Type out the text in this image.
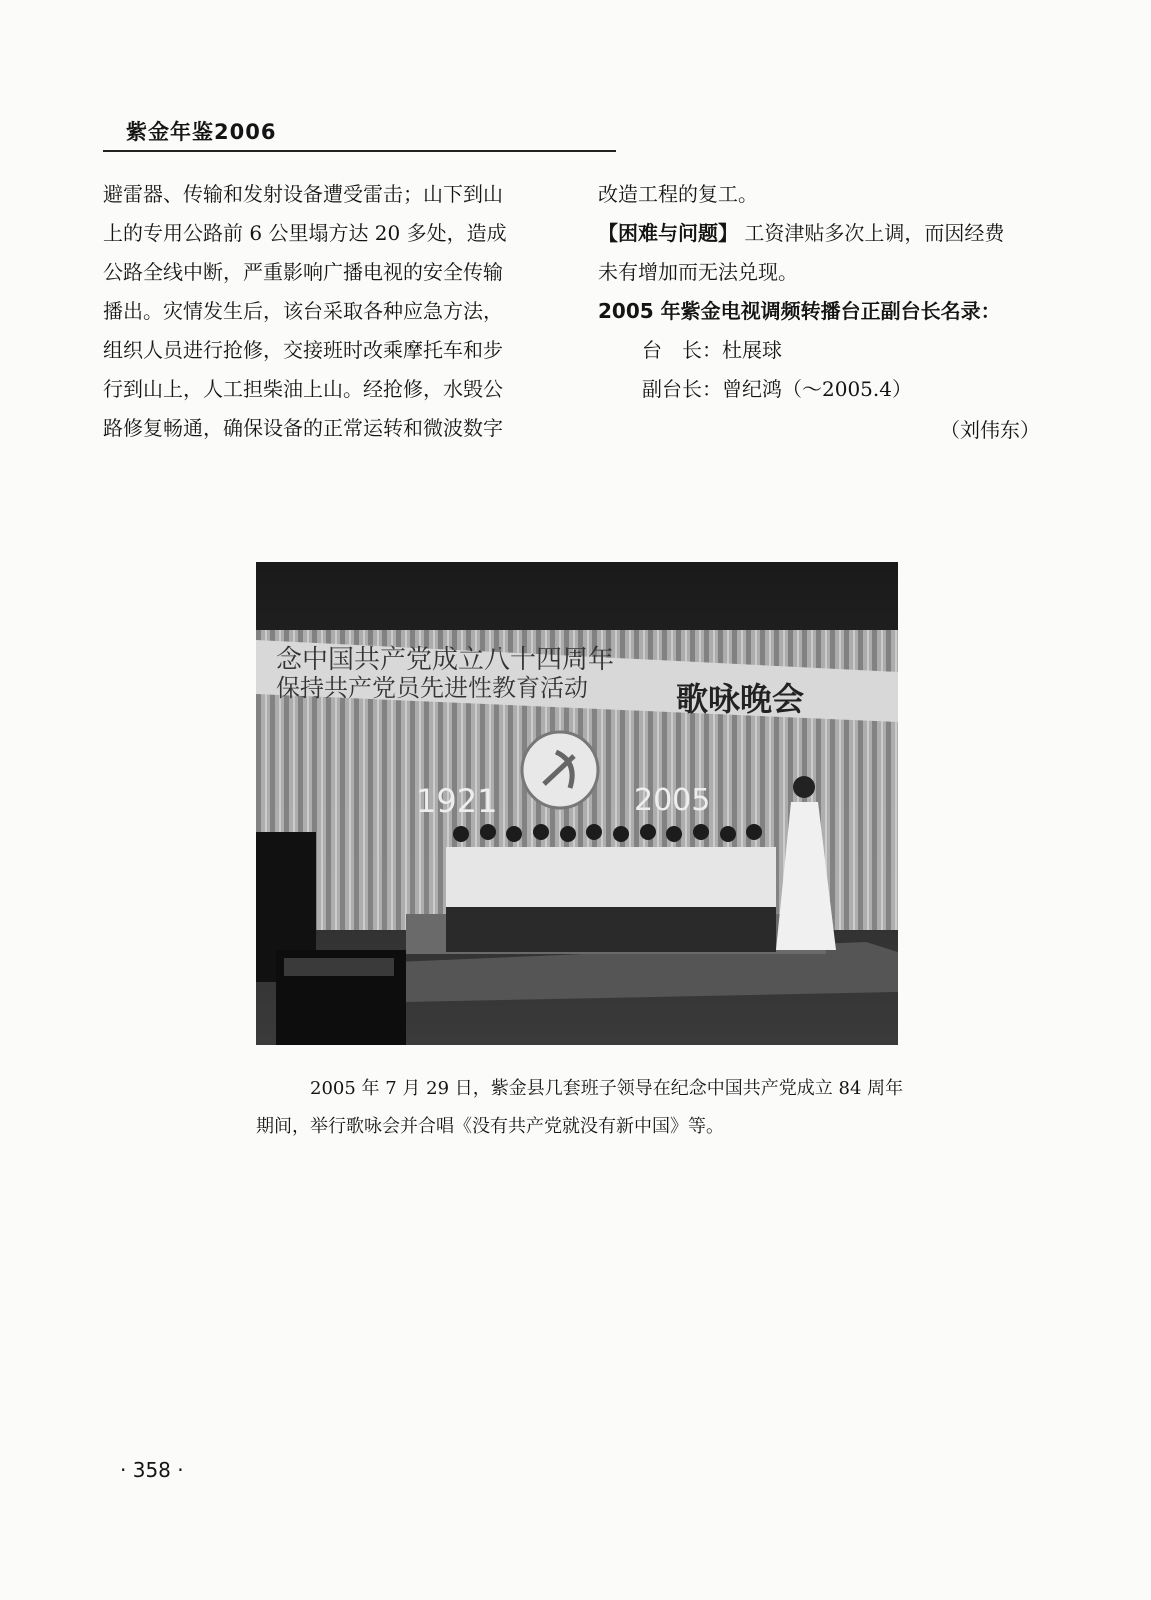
紫金年鉴2006
避雷器、传输和发射设备遭受雷击；山下到山
上的专用公路前 6 公里塌方达 20 多处，造成
公路全线中断，严重影响广播电视的安全传输
播出。灾情发生后，该台采取各种应急方法，
组织人员进行抢修，交接班时改乘摩托车和步
行到山上，人工担柴油上山。经抢修，水毁公
路修复畅通，确保设备的正常运转和微波数字
改造工程的复工。
【困难与问题】 工资津贴多次上调，而因经费
未有增加而无法兑现。
2005 年紫金电视调频转播台正副台长名录：
台　长：杜展球
副台长：曾纪鸿（～2005.4）
（刘伟东）
念中国共产党成立八十四周年
保持共产党员先进性教育活动	歌咏晚会
1921	2005
2005 年 7 月 29 日，紫金县几套班子领导在纪念中国共产党成立 84 周年
期间，举行歌咏会并合唱《没有共产党就没有新中国》等。
· 358 ·
